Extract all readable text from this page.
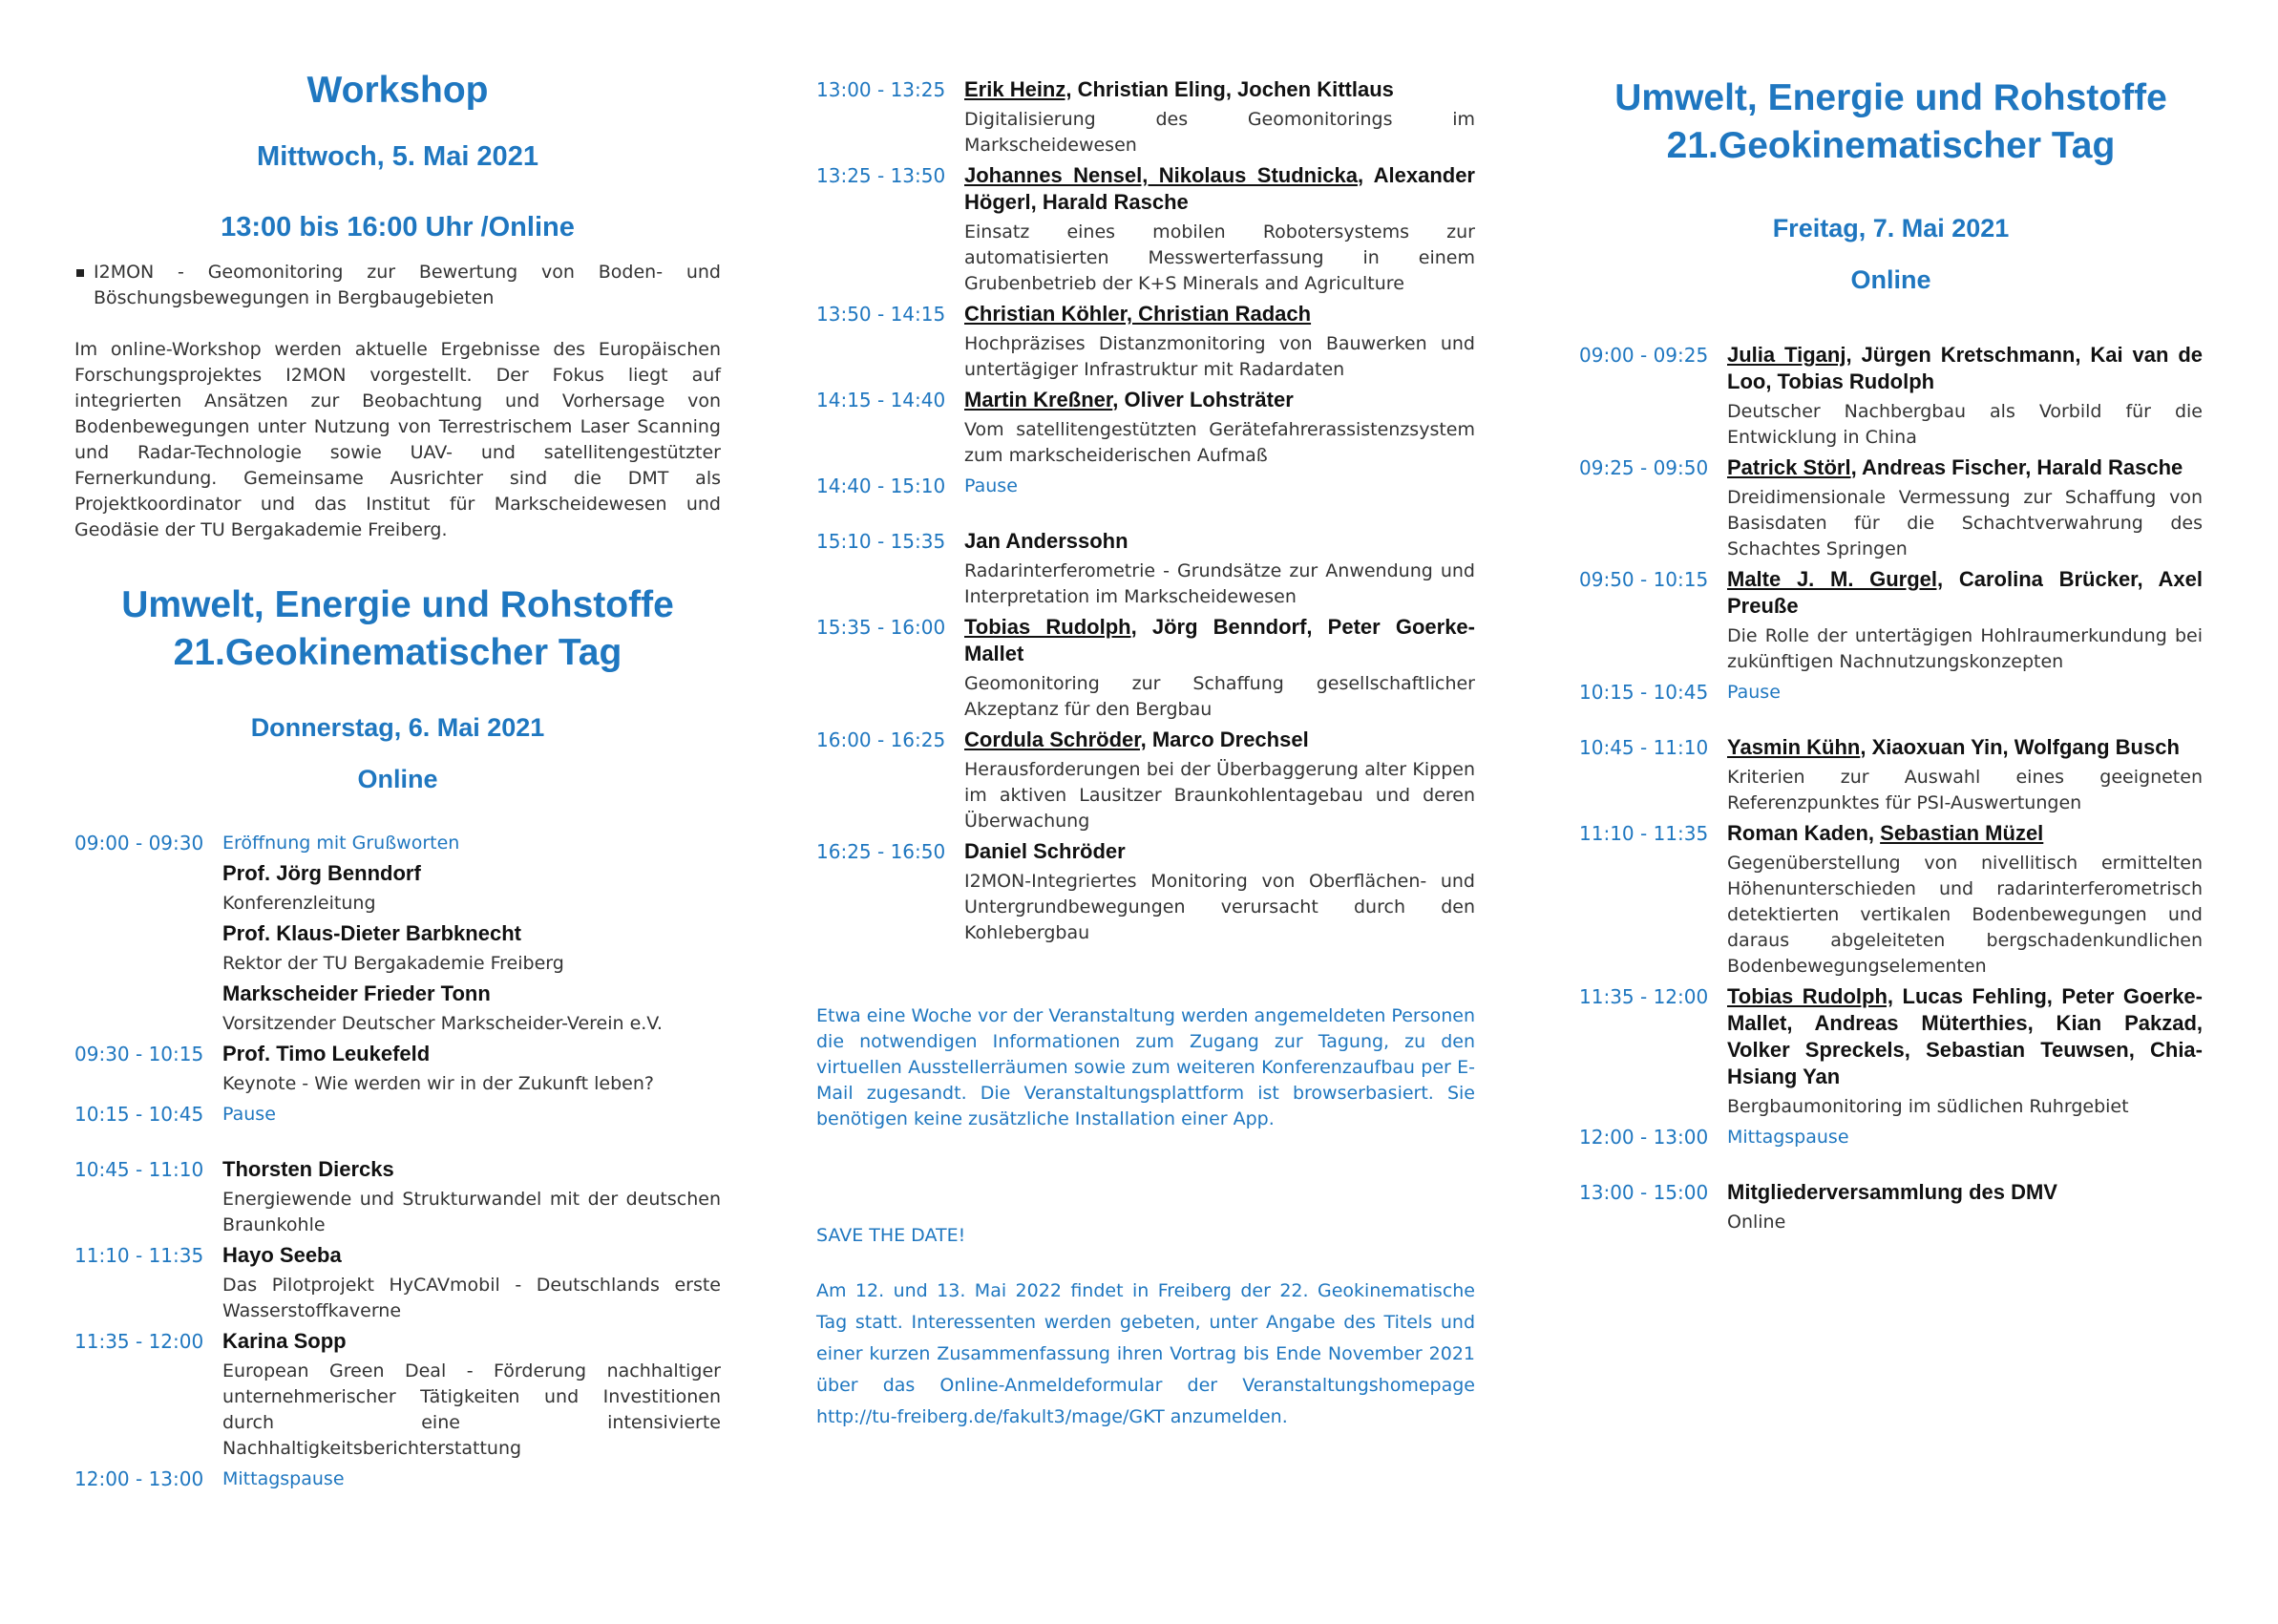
Workshop
Mittwoch, 5. Mai 2021
13:00 bis 16:00 Uhr /Online
I2MON - Geomonitoring zur Bewertung von Boden- und Böschungsbewegungen in Bergbaugebieten
Im online-Workshop werden aktuelle Ergebnisse des Europäischen Forschungsprojektes I2MON vorgestellt. Der Fokus liegt auf integrierten Ansätzen zur Beobachtung und Vorhersage von Bodenbewegungen unter Nutzung von Terrestrischem Laser Scanning und Radar-Technologie sowie UAV- und satellitengestützter Fernerkundung. Gemeinsame Ausrichter sind die DMT als Projektkoordinator und das Institut für Markscheidewesen und Geodäsie der TU Bergakademie Freiberg.
Umwelt, Energie und Rohstoffe
21.Geokinematischer Tag
Donnerstag, 6. Mai 2021
Online
09:00 - 09:30	Eröffnung mit Grußworten
Prof. Jörg Benndorf
Konferenzleitung
Prof. Klaus-Dieter Barbknecht
Rektor der TU Bergakademie Freiberg
Markscheider Frieder Tonn
Vorsitzender Deutscher Markscheider-Verein e.V.
09:30 - 10:15 Prof. Timo Leukefeld
Keynote - Wie werden wir in der Zukunft leben?
10:15 - 10:45	Pause
10:45 - 11:10 Thorsten Diercks
Energiewende und Strukturwandel mit der deutschen Braunkohle
11:10 - 11:35 Hayo Seeba
Das Pilotprojekt HyCAVmobil - Deutschlands erste Wasserstoffkaverne
11:35 - 12:00 Karina Sopp
European Green Deal - Förderung nachhaltiger unternehmerischer Tätigkeiten und Investitionen durch eine intensivierte Nachhaltigkeitsberichterstattung
12:00 - 13:00	Mittagspause
13:00 - 13:25 Erik Heinz, Christian Eling, Jochen Kittlaus
Digitalisierung des Geomonitorings im Markscheidewesen
13:25 - 13:50 Johannes Nensel, Nikolaus Studnicka, Alexander Högerl, Harald Rasche
Einsatz eines mobilen Robotersystems zur automatisierten Messwerterfassung in einem Grubenbetrieb der K+S Minerals and Agriculture
13:50 - 14:15 Christian Köhler, Christian Radach
Hochpräzises Distanzmonitoring von Bauwerken und untertägiger Infrastruktur mit Radardaten
14:15 - 14:40 Martin Kreßner, Oliver Lohsträter
Vom satellitengestützten Gerätefahrerassistenzsystem zum markscheiderischen Aufmaß
14:40 - 15:10	Pause
15:10 - 15:35 Jan Anderssohn
Radarinterferometrie - Grundsätze zur Anwendung und Interpretation im Markscheidewesen
15:35 - 16:00 Tobias Rudolph, Jörg Benndorf, Peter Goerke-Mallet
Geomonitoring zur Schaffung gesellschaftlicher Akzeptanz für den Bergbau
16:00 - 16:25 Cordula Schröder, Marco Drechsel
Herausforderungen bei der Überbaggerung alter Kippen im aktiven Lausitzer Braunkohlentagebau und deren Überwachung
16:25 - 16:50 Daniel Schröder
I2MON-Integriertes Monitoring von Oberflächen- und Untergrundbewegungen verursacht durch den Kohlebergbau
Etwa eine Woche vor der Veranstaltung werden angemeldeten Personen die notwendigen Informationen zum Zugang zur Tagung, zu den virtuellen Ausstellerräumen sowie zum weiteren Konferenzaufbau per E-Mail zugesandt. Die Veranstaltungsplattform ist browserbasiert. Sie benötigen keine zusätzliche Installation einer App.
SAVE THE DATE!
Am 12. und 13. Mai 2022 findet in Freiberg der 22. Geokinematische Tag statt. Interessenten werden gebeten, unter Angabe des Titels und einer kurzen Zusammenfassung ihren Vortrag bis Ende November 2021 über das Online-Anmeldeformular der Veranstaltungshomepage http://tu-freiberg.de/fakult3/mage/GKT anzumelden.
Umwelt, Energie und Rohstoffe
21.Geokinematischer Tag
Freitag, 7. Mai 2021
Online
09:00 - 09:25 Julia Tiganj, Jürgen Kretschmann, Kai van de Loo, Tobias Rudolph
Deutscher Nachbergbau als Vorbild für die Entwicklung in China
09:25 - 09:50 Patrick Störl, Andreas Fischer, Harald Rasche
Dreidimensionale Vermessung zur Schaffung von Basisdaten für die Schachtverwahrung des Schachtes Springen
09:50 - 10:15 Malte J. M. Gurgel, Carolina Brücker, Axel Preuße
Die Rolle der untertägigen Hohlraumerkundung bei zukünftigen Nachnutzungskonzepten
10:15 - 10:45	Pause
10:45 - 11:10 Yasmin Kühn, Xiaoxuan Yin, Wolfgang Busch
Kriterien zur Auswahl eines geeigneten Referenzpunktes für PSI-Auswertungen
11:10 - 11:35 Roman Kaden, Sebastian Müzel
Gegenüberstellung von nivellitisch ermittelten Höhenunterschieden und radarinterferometrisch detektierten vertikalen Bodenbewegungen und daraus abgeleiteten bergschadenkundlichen Bodenbewegungselementen
11:35 - 12:00 Tobias Rudolph, Lucas Fehling, Peter Goerke-Mallet, Andreas Müterthies, Kian Pakzad, Volker Spreckels, Sebastian Teuwsen, Chia-Hsiang Yan
Bergbaumonitoring im südlichen Ruhrgebiet
12:00 - 13:00	Mittagspause
13:00 - 15:00 Mitgliederversammlung des DMV
Online
